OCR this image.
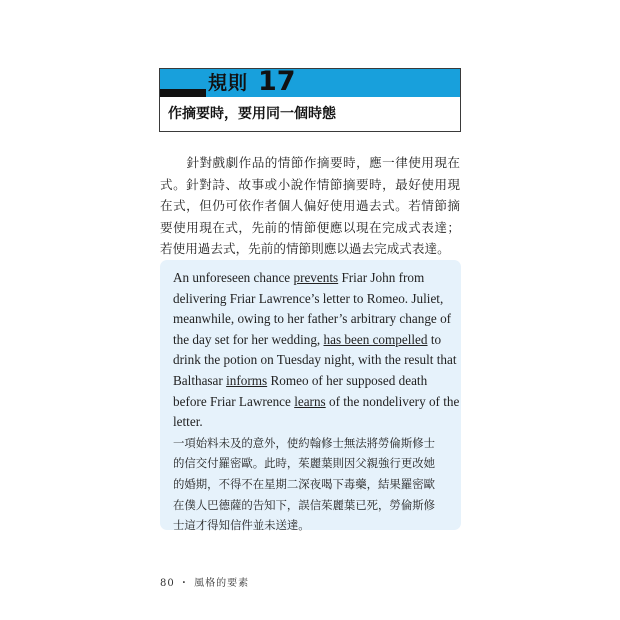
規則 17
作摘要時，要用同一個時態

針對戲劇作品的情節作摘要時，應一律使用現在式。針對詩、故事或小說作情節摘要時，最好使用現在式，但仍可依作者個人偏好使用過去式。若情節摘要使用現在式，先前的情節便應以現在完成式表達；若使用過去式，先前的情節則應以過去完成式表達。

An unforeseen chance prevents Friar John from

delivering Friar Lawrence’s letter to Romeo. Juliet,

meanwhile, owing to her father’s arbitrary change of

the day set for her wedding, has been compelled to

drink the potion on Tuesday night, with the result that

Balthasar informs Romeo of her supposed death

before Friar Lawrence learns of the nondelivery of the

letter.

一項始料未及的意外，使約翰修士無法將勞倫斯修士

的信交付羅密歐。此時，茱麗葉則因父親強行更改她

的婚期，不得不在星期二深夜喝下毒藥，結果羅密歐

在僕人巴德薩的告知下，誤信茱麗葉已死，勞倫斯修

士這才得知信件並未送達。

80 ・ 風格的要素
